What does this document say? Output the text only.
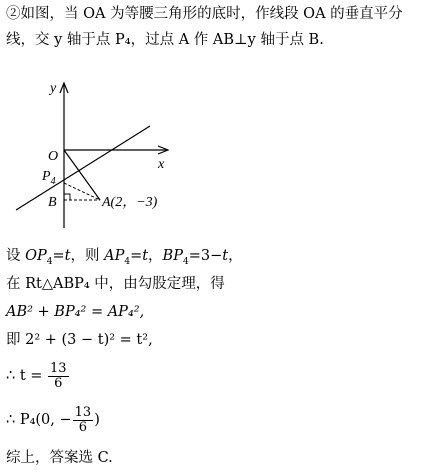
②如图，当 OA 为等腰三角形的底时，作线段 OA 的垂直平分
线，交 y 轴于点 P₄，过点 A 作 AB⊥y 轴于点 B.
y
x
O
$P_4$
B	A(2，−3)
设 $OP_4=t$，则 $AP_4=t$，$BP_4=3-t$，
在 Rt△ABP₄ 中，由勾股定理，得
AB² + BP₄² = AP₄²,
即 2² + (3 − t)² = t²,
∴ $t = \frac{13}{6}$
∴ P₄(0, − $\frac{13}{6}$ )
综上，答案选 C.
